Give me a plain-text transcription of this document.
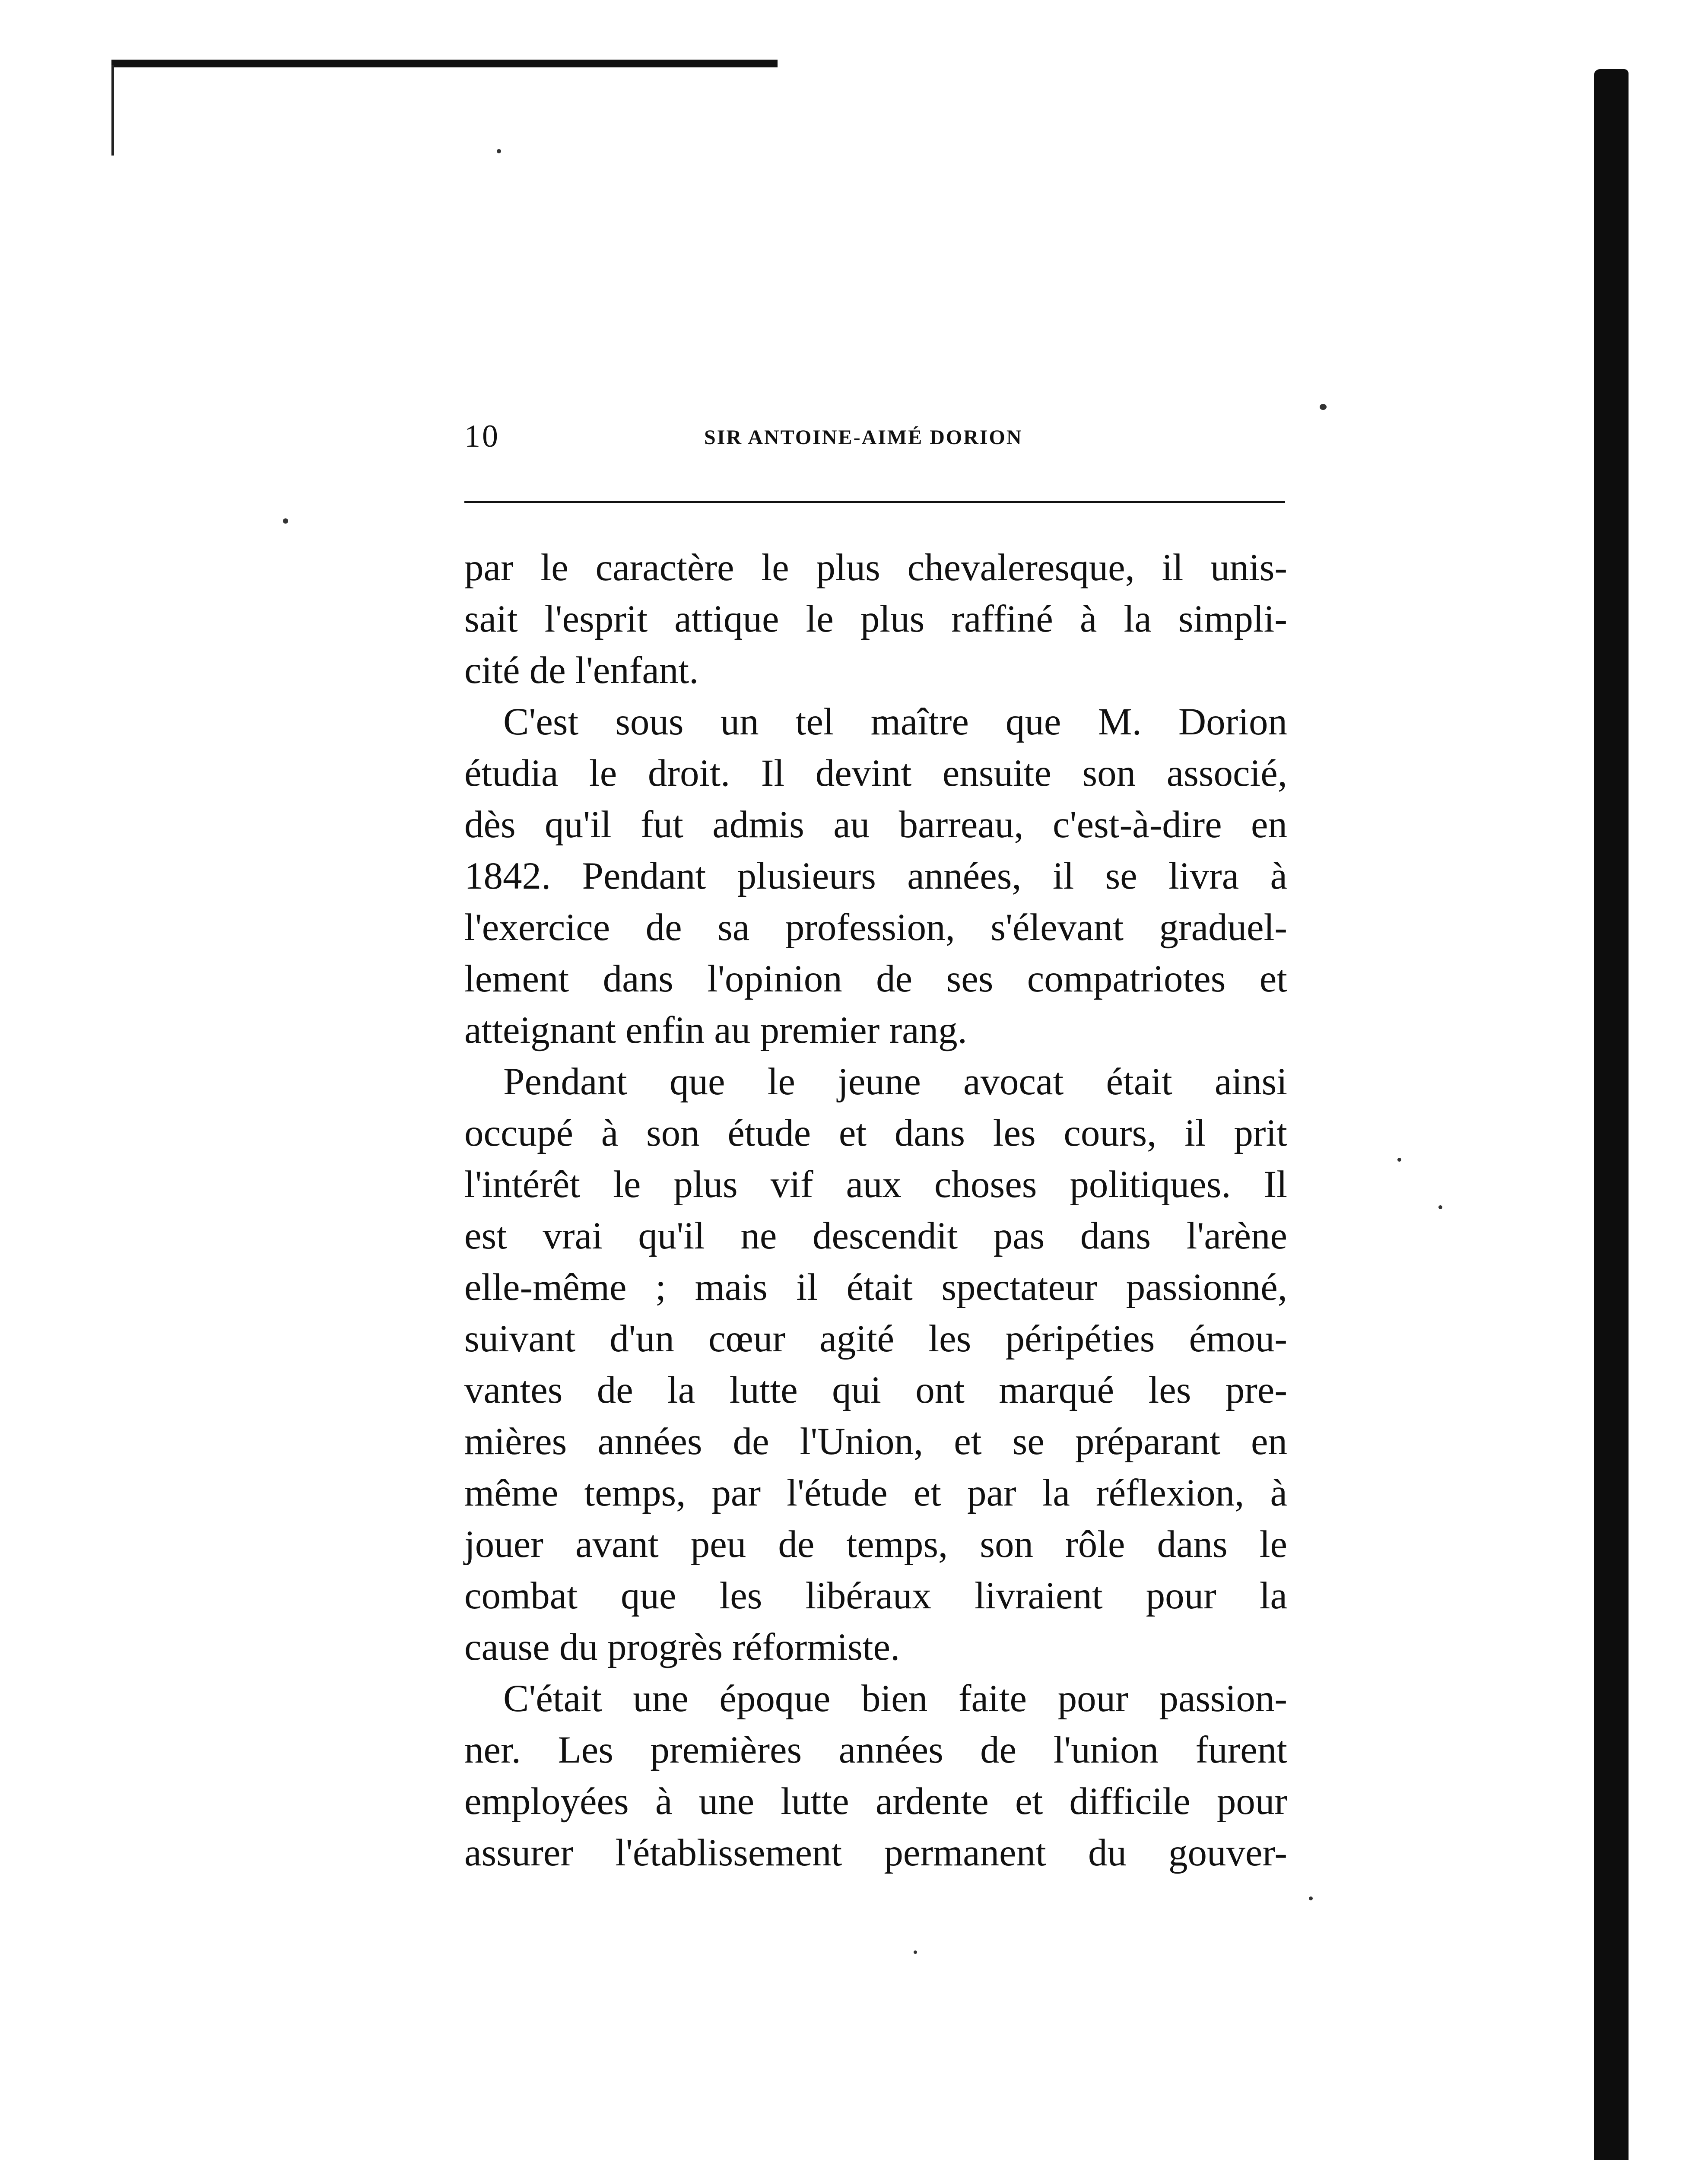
10	SIR ANTOINE-AIMÉ DORION

par le caractère le plus chevaleresque, il unis-
sait l'esprit attique le plus raffiné à la simpli-
cité de l'enfant.

C'est sous un tel maître que M. Dorion
étudia le droit. Il devint ensuite son associé,
dès qu'il fut admis au barreau, c'est-à-dire en
1842. Pendant plusieurs années, il se livra à
l'exercice de sa profession, s'élevant graduel-
lement dans l'opinion de ses compatriotes et
atteignant enfin au premier rang.

Pendant que le jeune avocat était ainsi
occupé à son étude et dans les cours, il prit
l'intérêt le plus vif aux choses politiques. Il
est vrai qu'il ne descendit pas dans l'arène
elle-même ; mais il était spectateur passionné,
suivant d'un cœur agité les péripéties émou-
vantes de la lutte qui ont marqué les pre-
mières années de l'Union, et se préparant en
même temps, par l'étude et par la réflexion, à
jouer avant peu de temps, son rôle dans le
combat que les libéraux livraient pour la
cause du progrès réformiste.

C'était une époque bien faite pour passion-
ner. Les premières années de l'union furent
employées à une lutte ardente et difficile pour
assurer l'établissement permanent du gouver-
